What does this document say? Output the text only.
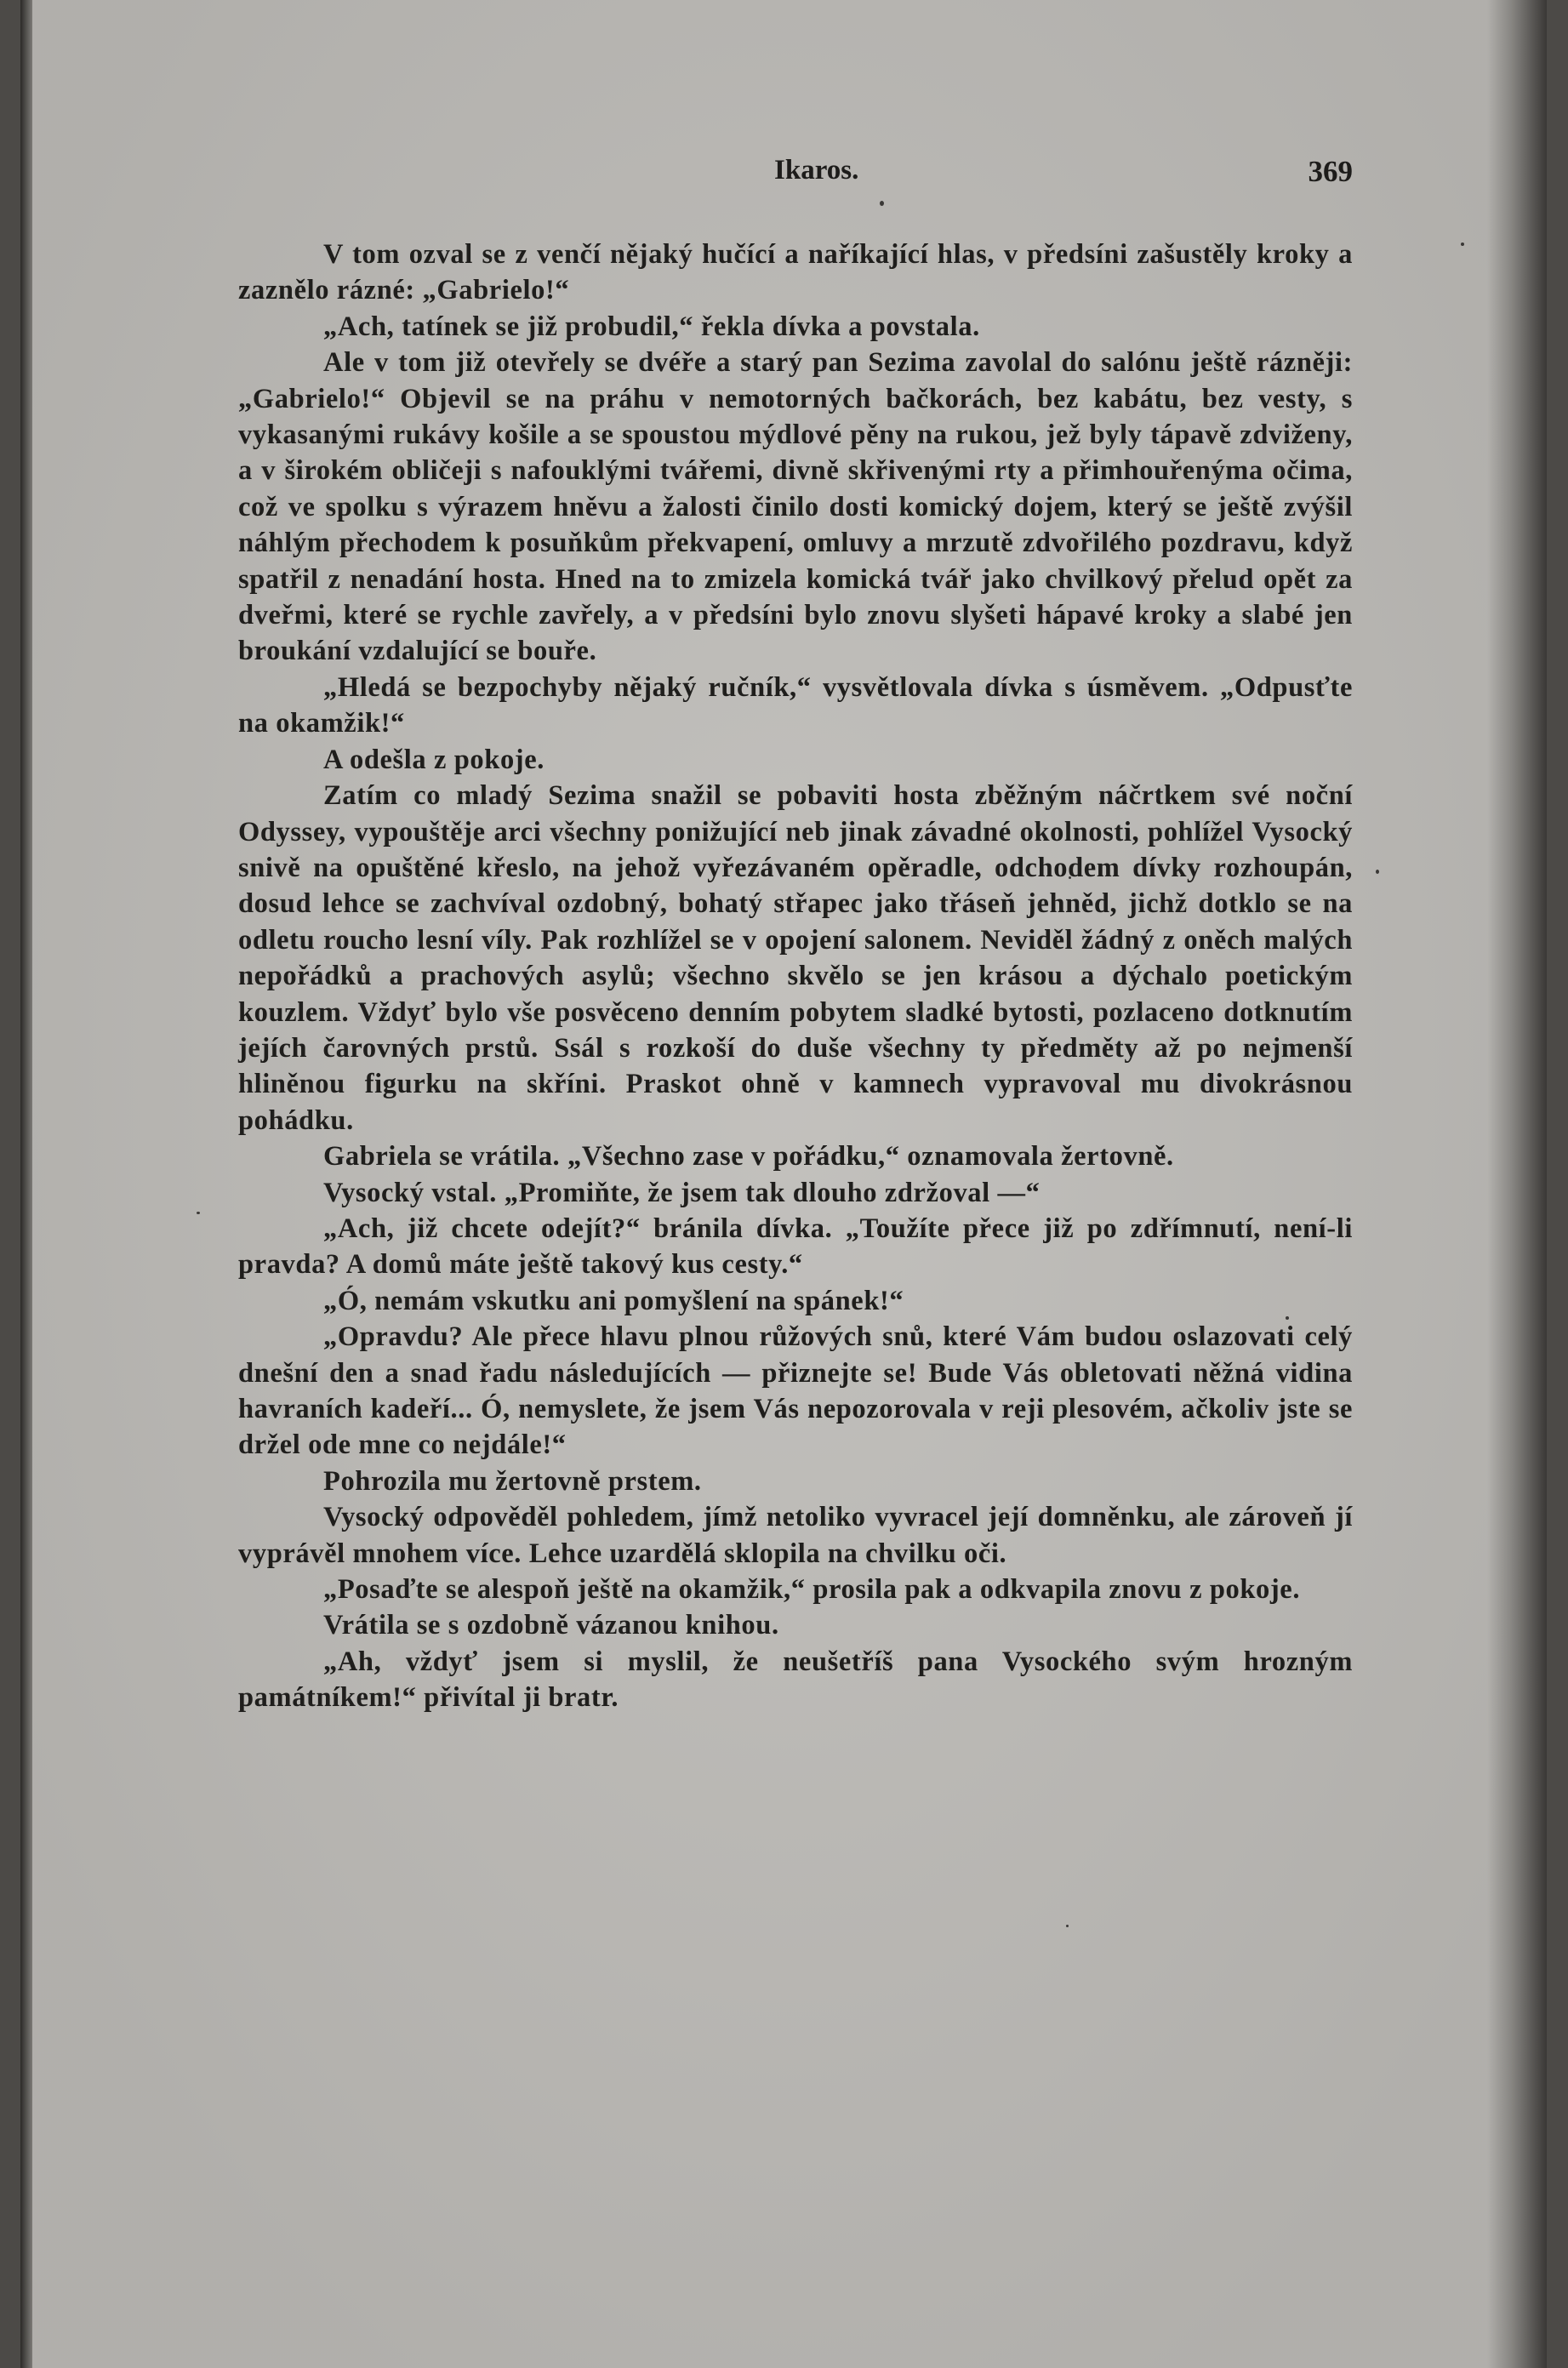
Ikaros.	369

V tom ozval se z venčí nějaký hučící a naříkající hlas, v předsíni zašustěly kroky a zaznělo rázné: „Gabrielo!“

„Ach, tatínek se již probudil,“ řekla dívka a povstala.

Ale v tom již otevřely se dvéře a starý pan Sezima zavolal do salónu ještě rázněji: „Gabrielo!“ Objevil se na práhu v nemotorných bačkorách, bez kabátu, bez vesty, s vykasanými rukávy košile a se spoustou mýdlové pěny na rukou, jež byly tápavě zdviženy, a v širokém obličeji s nafouklými tvářemi, divně skřivenými rty a přimhouřenýma očima, což ve spolku s výrazem hněvu a žalosti činilo dosti komický dojem, který se ještě zvýšil náhlým přechodem k posuňkům překvapení, omluvy a mrzutě zdvořilého pozdravu, když spatřil z nenadání hosta. Hned na to zmizela komická tvář jako chvilkový přelud opět za dveřmi, které se rychle zavřely, a v předsíni bylo znovu slyšeti hápavé kroky a slabé jen broukání vzdalující se bouře.

„Hledá se bezpochyby nějaký ručník,“ vysvětlovala dívka s úsměvem. „Odpusťte na okamžik!“

A odešla z pokoje.

Zatím co mladý Sezima snažil se pobaviti hosta zběžným náčrtkem své noční Odyssey, vypouštěje arci všechny ponižující neb jinak závadné okolnosti, pohlížel Vysocký snivě na opuštěné křeslo, na jehož vyřezávaném opěradle, odchodem dívky rozhoupán, dosud lehce se zachvíval ozdobný, bohatý střapec jako třáseň jehněd, jichž dotklo se na odletu roucho lesní víly. Pak rozhlížel se v opojení salonem. Neviděl žádný z oněch malých nepořádků a prachových asylů; všechno skvělo se jen krásou a dýchalo poetickým kouzlem. Vždyť bylo vše posvěceno denním pobytem sladké bytosti, pozlaceno dotknutím jejích čarovných prstů. Ssál s rozkoší do duše všechny ty předměty až po nejmenší hliněnou figurku na skříni. Praskot ohně v kamnech vypravoval mu divokrásnou pohádku.

Gabriela se vrátila. „Všechno zase v pořádku,“ oznamovala žertovně.

Vysocký vstal. „Promiňte, že jsem tak dlouho zdržoval —“

„Ach, již chcete odejít?“ bránila dívka. „Toužíte přece již po zdřímnutí, není-li pravda? A domů máte ještě takový kus cesty.“

„Ó, nemám vskutku ani pomyšlení na spánek!“

„Opravdu? Ale přece hlavu plnou růžových snů, které Vám budou oslazovati celý dnešní den a snad řadu následujících — přiznejte se! Bude Vás obletovati něžná vidina havraních kadeří... Ó, nemyslete, že jsem Vás nepozorovala v reji plesovém, ačkoliv jste se držel ode mne co nejdále!“

Pohrozila mu žertovně prstem.

Vysocký odpověděl pohledem, jímž netoliko vyvracel její domněnku, ale zároveň jí vyprávěl mnohem více. Lehce uzardělá sklopila na chvilku oči.

„Posaďte se alespoň ještě na okamžik,“ prosila pak a odkvapila znovu z pokoje.

Vrátila se s ozdobně vázanou knihou.

„Ah, vždyť jsem si myslil, že neušetříš pana Vysockého svým hrozným památníkem!“ přivítal ji bratr.
